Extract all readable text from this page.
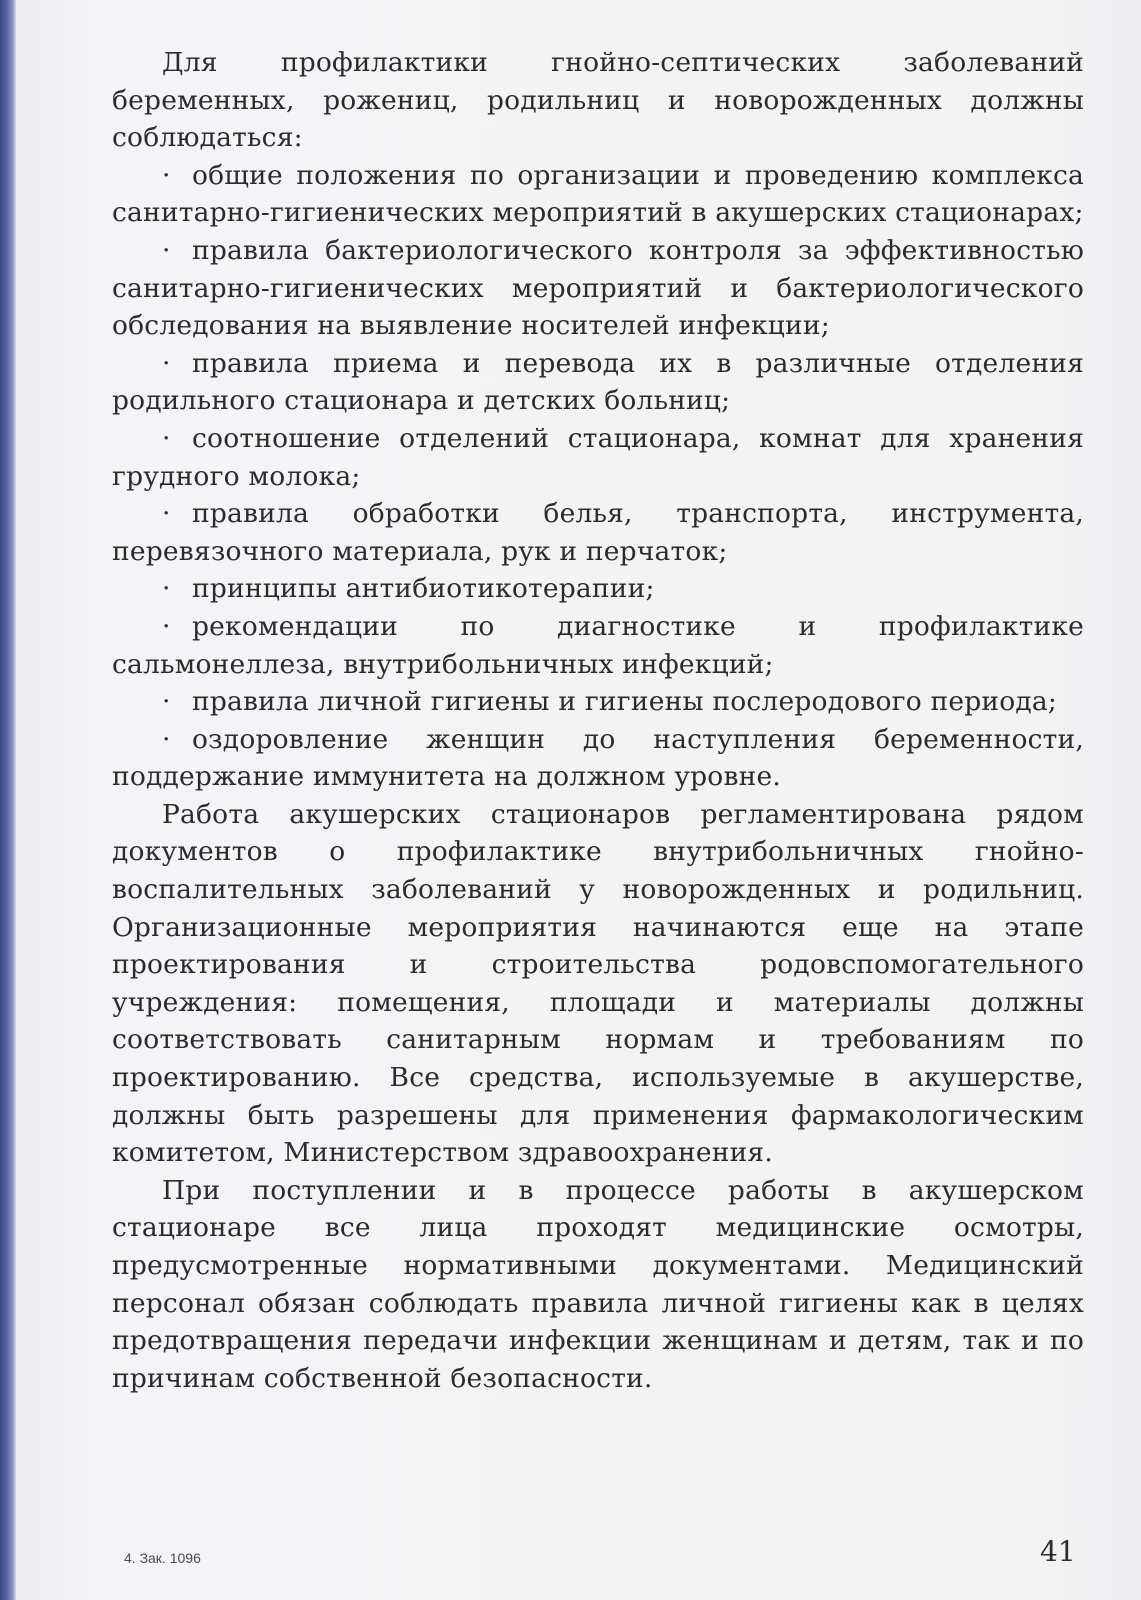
Для профилактики гнойно-септических заболеваний беременных, рожениц, родильниц и новорожденных должны соблюдаться:

· общие положения по организации и проведению комплекса санитарно-гигиенических мероприятий в акушерских стационарах;
· правила бактериологического контроля за эффективностью санитарно-гигиенических мероприятий и бактериологического обследования на выявление носителей инфекции;
· правила приема и перевода их в различные отделения родильного стационара и детских больниц;
· соотношение отделений стационара, комнат для хранения грудного молока;
· правила обработки белья, транспорта, инструмента, перевязочного материала, рук и перчаток;
· принципы антибиотикотерапии;
· рекомендации по диагностике и профилактике сальмонеллеза, внутрибольничных инфекций;
· правила личной гигиены и гигиены послеродового периода;
· оздоровление женщин до наступления беременности, поддержание иммунитета на должном уровне.

Работа акушерских стационаров регламентирована рядом документов о профилактике внутрибольничных гнойно-воспалительных заболеваний у новорожденных и родильниц. Организационные мероприятия начинаются еще на этапе проектирования и строительства родовспомогательного учреждения: помещения, площади и материалы должны соответствовать санитарным нормам и требованиям по проектированию. Все средства, используемые в акушерстве, должны быть разрешены для применения фармакологическим комитетом, Министерством здравоохранения.

При поступлении и в процессе работы в акушерском стационаре все лица проходят медицинские осмотры, предусмотренные нормативными документами. Медицинский персонал обязан соблюдать правила личной гигиены как в целях предотвращения передачи инфекции женщинам и детям, так и по причинам собственной безопасности.

4. Зак. 1096	41
